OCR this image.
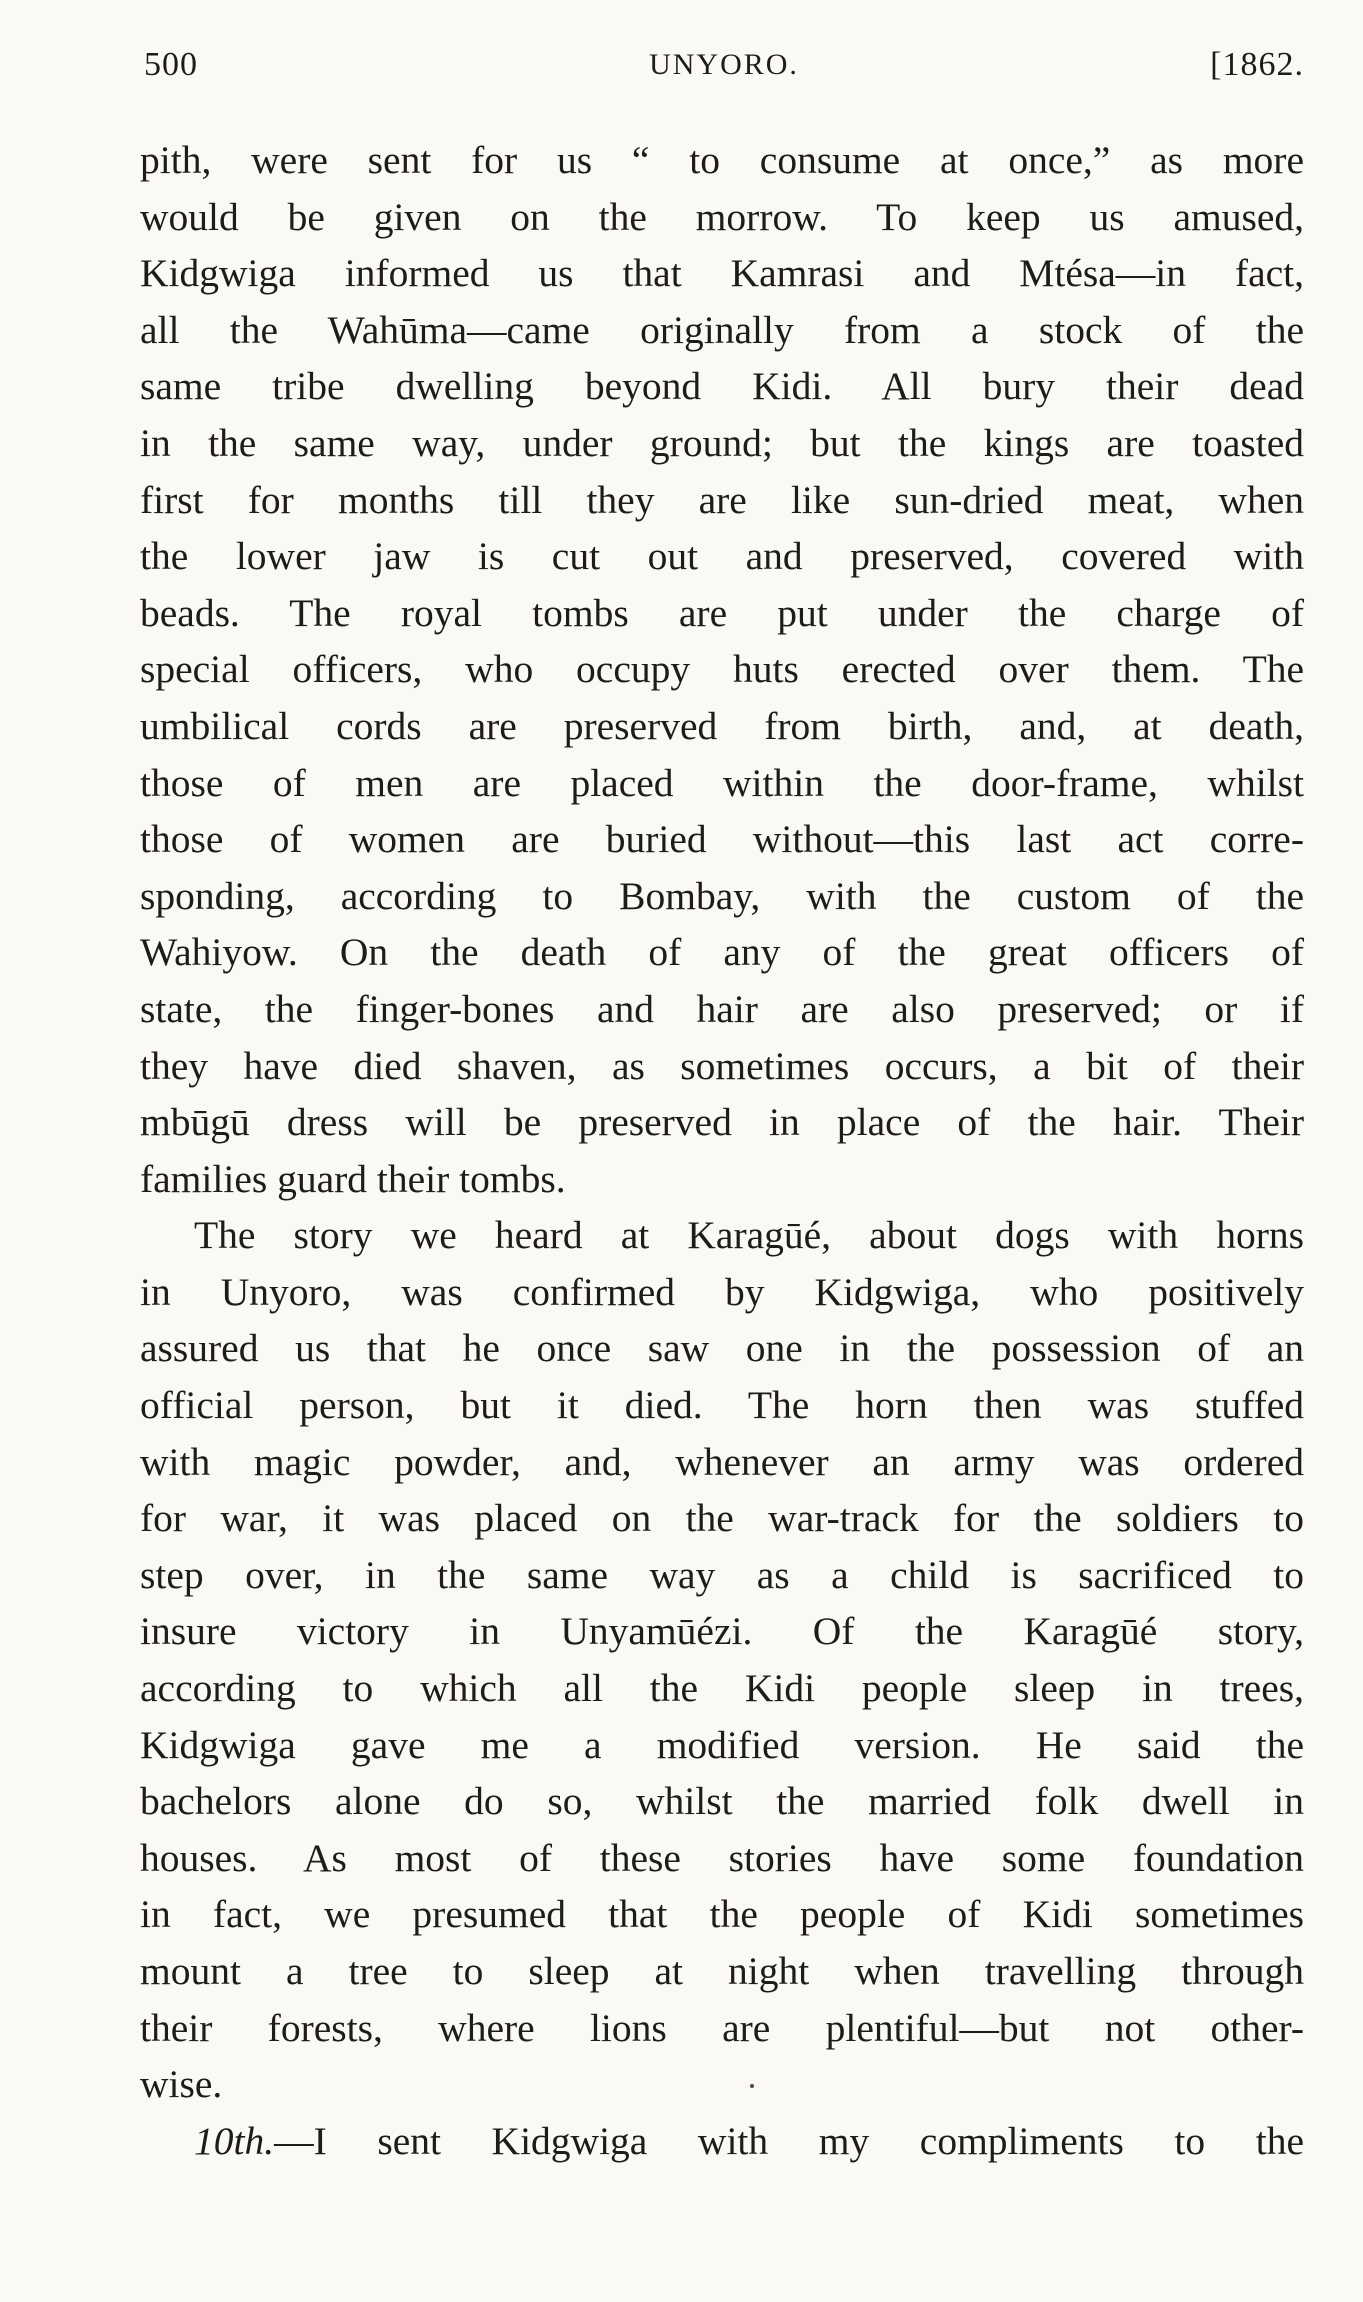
500	UNYORO.	[1862.
pith, were sent for us “ to consume at once,” as more
would be given on the morrow. To keep us amused,
Kidgwiga informed us that Kamrasi and Mtésa—in fact,
all the Wahūma—came originally from a stock of the
same tribe dwelling beyond Kidi. All bury their dead
in the same way, under ground; but the kings are toasted
first for months till they are like sun-dried meat, when
the lower jaw is cut out and preserved, covered with
beads. The royal tombs are put under the charge of
special officers, who occupy huts erected over them. The
umbilical cords are preserved from birth, and, at death,
those of men are placed within the door-frame, whilst
those of women are buried without—this last act corre-
sponding, according to Bombay, with the custom of the
Wahiyow. On the death of any of the great officers of
state, the finger-bones and hair are also preserved; or if
they have died shaven, as sometimes occurs, a bit of their
mbūgū dress will be preserved in place of the hair. Their
families guard their tombs.
The story we heard at Karagūé, about dogs with horns
in Unyoro, was confirmed by Kidgwiga, who positively
assured us that he once saw one in the possession of an
official person, but it died. The horn then was stuffed
with magic powder, and, whenever an army was ordered
for war, it was placed on the war-track for the soldiers to
step over, in the same way as a child is sacrificed to
insure victory in Unyamūézi. Of the Karagūé story,
according to which all the Kidi people sleep in trees,
Kidgwiga gave me a modified version. He said the
bachelors alone do so, whilst the married folk dwell in
houses. As most of these stories have some foundation
in fact, we presumed that the people of Kidi sometimes
mount a tree to sleep at night when travelling through
their forests, where lions are plentiful—but not other-
wise.
10th.—I sent Kidgwiga with my compliments to the
